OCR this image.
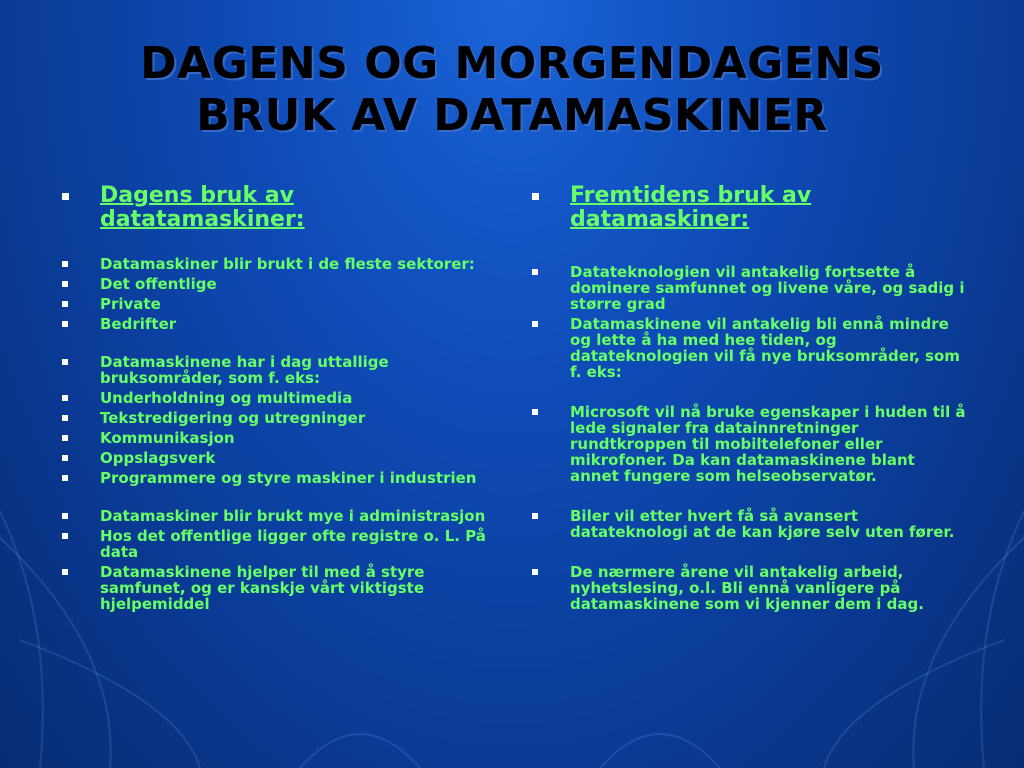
DAGENS OG MORGENDAGENS
BRUK AV DATAMASKINER
Dagens bruk av datatamaskiner:
Datamaskiner blir brukt i de fleste sektorer:
Det offentlige
Private
Bedrifter
Datamaskinene har i dag uttallige bruksområder, som f. eks:
Underholdning og multimedia
Tekstredigering og utregninger
Kommunikasjon
Oppslagsverk
Programmere og styre maskiner i industrien
Datamaskiner blir brukt mye i administrasjon
Hos det offentlige ligger ofte registre o. L. På data
Datamaskinene hjelper til med å styre samfunet, og er kanskje vårt viktigste hjelpemiddel
Fremtidens bruk av datamaskiner:
Datateknologien vil antakelig fortsette å dominere samfunnet og livene våre, og sadig i større grad
Datamaskinene vil antakelig bli ennå mindre og lette å ha med hee tiden, og datateknologien vil få nye bruksområder, som f. eks:
Microsoft vil nå bruke egenskaper i huden til å lede signaler fra datainnretninger rundtkroppen til mobiltelefoner eller mikrofoner. Da kan datamaskinene blant annet fungere som helseobservatør.
Biler vil etter hvert få så avansert datateknologi at de kan kjøre selv uten fører.
De nærmere årene vil antakelig arbeid, nyhetslesing, o.l. Bli ennå vanligere på datamaskinene som vi kjenner dem i dag.
